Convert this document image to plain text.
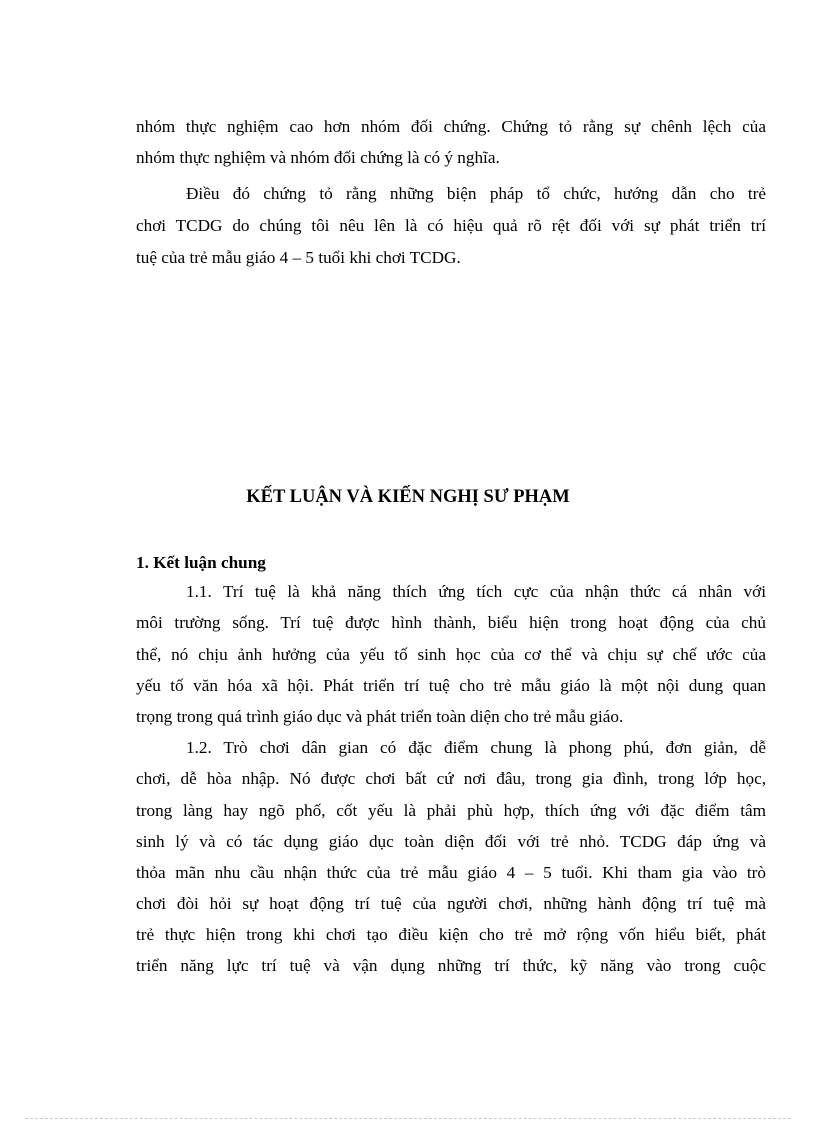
nhóm thực nghiệm cao hơn nhóm đối chứng. Chứng tỏ rằng sự chênh lệch của
nhóm thực nghiệm và nhóm đối chứng là có ý nghĩa.
Điều đó chứng tỏ rằng những biện pháp tổ chức, hướng dẫn cho trẻ
chơi TCDG do chúng tôi nêu lên là có hiệu quả rõ rệt đối với sự phát triển trí
tuệ của trẻ mẫu giáo 4 – 5 tuổi khi chơi TCDG.
KẾT LUẬN VÀ KIẾN NGHỊ SƯ PHẠM
1. Kết luận chung
1.1. Trí tuệ là khả năng thích ứng tích cực của nhận thức cá nhân với
môi trường sống. Trí tuệ được hình thành, biểu hiện trong hoạt động của chủ
thể, nó chịu ảnh hưởng của yếu tố sinh học của cơ thể và chịu sự chế ước của
yếu tố văn hóa xã hội. Phát triển trí tuệ cho trẻ mẫu giáo là một nội dung quan
trọng trong quá trình giáo dục và phát triển toàn diện cho trẻ mẫu giáo.
1.2. Trò chơi dân gian có đặc điểm chung là phong phú, đơn giản, dễ
chơi, dễ hòa nhập. Nó được chơi bất cứ nơi đâu, trong gia đình, trong lớp học,
trong làng hay ngõ phố, cốt yếu là phải phù hợp, thích ứng với đặc điểm tâm
sinh lý và có tác dụng giáo dục toàn diện đối với trẻ nhỏ. TCDG đáp ứng và
thỏa mãn nhu cầu nhận thức của trẻ mẫu giáo 4 – 5 tuổi. Khi tham gia vào trò
chơi đòi hỏi sự hoạt động trí tuệ của người chơi, những hành động trí tuệ mà
trẻ thực hiện trong khi chơi tạo điều kiện cho trẻ mở rộng vốn hiểu biết, phát
triển năng lực trí tuệ và vận dụng những trí thức, kỹ năng vào trong cuộc
